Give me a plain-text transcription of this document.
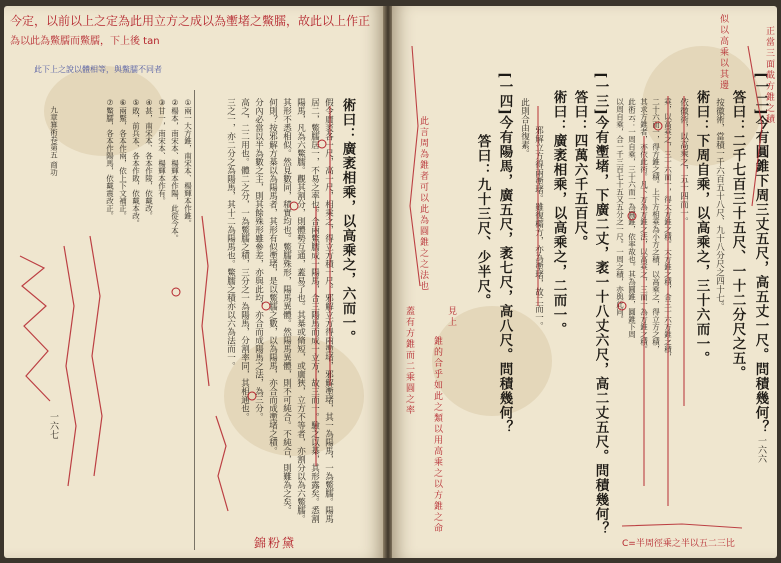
今定，以前以上之定為此用立方之成以為壍堵之鱉臑，故此以上作正
為以此為鱉臑而鱉臑，下上後 tan
此下上之說以體相等，與鱉臑不同者
術曰：廣袤相乘，以高乘之，六而一。
假令廣袤各一尺，高一尺，相乘之，得立方積一尺。邪解立方得兩壍堵，邪解壍堵，其一為陽馬，一為鱉臑。陽馬
居二，鱉臑居一，不易之率也。合兩鱉臑成一陽馬，合三陽馬而成一立方，故三而一。驗之以棊，其形露矣。悉割
陽馬，凡為六鱉臑。觀其割分，則體勢互通，蓋易了也。其棊或脩短，或廣狹，立方不等者，亦割分以為六鱉臑。
其形不悉相似。然見數同，積實均也。鱉臑殊形，陽馬異體。然陽馬異體，則不可純合。不純合，則難為之矣。
何則？按邪解方棊以為陽馬者，其形有似壍堵，是以鱉臑之數，以為陽馬，亦合而成壍堵之積。
分內必當以半為數之主，則其餘殊形雖參差，亦與此均，亦合而成陽馬之法，為三分。
高之，二二用也。體二之分，一為鱉臑之積，三分之一為陽馬，分割率同，其相通也。
三之一，亦二分之為陽馬，其十二為陽馬也。鱉臑之積亦以六為法而一。
①兩一大方錐，南宋本、楊輝本作錐。
②楊本，南宋本、楊輝本作陽，此從今本。
③甘一，南宋本、楊輝本作有。
④甚，南宋本、各本作陵，依戴改。
⑤敗，前兵本、各本作敗，依戴本改。
⑥兩鱉，各本作兩，依上下文補正。
⑦鱉臑，各本作陽馬，依戴震改正。
九章算術卷第五 商功
一六七
錦粉黛
[一二]今有圓錐下周三丈五尺，高五丈一尺。問積幾何？
答曰：二千七百三十五尺、一十二分尺之五。
按徽術，當積一千六百五十八尺、九十八分尺之四十七。
術曰：下周自乘，以高乘之，三十六而一。
依徽術，以高乘之，五十四而一。
乘，以高乘之，三十六而一，得大方錐之積。大方錐之積，合三十六方錐之積，
二十六而一，得方錐之積。上下方相乘為小方之積，以高乘之，得立方之積，
其求方錐者，亦依此術。凡下方為方錐之法，以高乘之，三而一為方錐之積。
此術云：一周自乘，三十六而一為圓錐，依率故也。其為圓錐，圓錐下周
以周自乘，合一千三百七十五又五分之一尺。一周之積，亦與此同。
[一三]今有壍堵，下廣二丈，袤一十八丈六尺，高二丈五尺。問積幾何？
答曰：四萬六千五百尺。
術曰：廣袤相乘，以高乘之，二而一。
邪解立方得兩壍堵。雖復橢方，亦為壍堵，故二而一。
此則合由復素。
[一四]今有陽馬，廣五尺，袤七尺，高八尺。問積幾何？
答曰：九十三尺、少半尺。
一六六
見上
錐的合乎如此之類以用高乘之以方錐之命
此言周為錐者可以此為圓錐之之法也
蓋有方錐而二乘圓之率
正當三面截方錐之積
似以高乘以其邊
C=半周徑乘之半以五二三比
